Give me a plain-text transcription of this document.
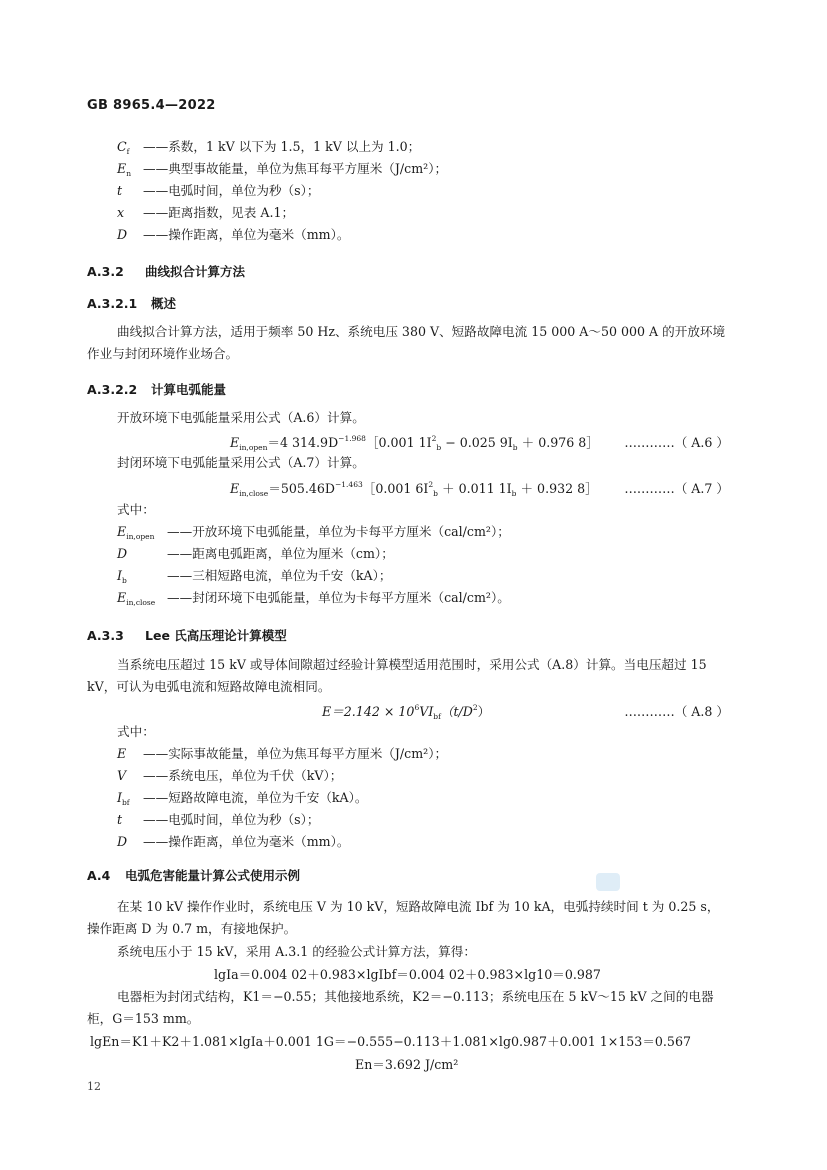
GB 8965.4—2022
$C_f$ ——系数，1 kV 以下为 1.5，1 kV 以上为 1.0；
$E_n$ ——典型事故能量，单位为焦耳每平方厘米（J/cm²）；
t ——电弧时间，单位为秒（s）；
x ——距离指数，见表 A.1；
D ——操作距离，单位为毫米（mm）。
A.3.2 曲线拟合计算方法
A.3.2.1 概述
曲线拟合计算方法，适用于频率 50 Hz、系统电压 380 V、短路故障电流 15 000 A～50 000 A 的开放环境作业与封闭环境作业场合。
A.3.2.2 计算电弧能量
开放环境下电弧能量采用公式（A.6）计算。
$E_{in,open}=4$ $314.9D^{-1.968}[0.001$ $1I^2_b - 0.025$ $9I_b + 0.976$ 8］ …………（ A.6 ）
封闭环境下电弧能量采用公式（A.7）计算。
$E_{in,close}=505.46D^{-1.463}[0.001$ $6I^2_b + 0.011$ $1I_b + 0.932$ 8］ …………（ A.7 ）
式中：
$E_{in,open}$ ——开放环境下电弧能量，单位为卡每平方厘米（cal/cm²）；
D	——距离电弧距离，单位为厘米（cm）；
$I_b$	——三相短路电流，单位为千安（kA）；
$E_{in,close}$ ——封闭环境下电弧能量，单位为卡每平方厘米（cal/cm²）。
A.3.3 Lee 氏高压理论计算模型
当系统电压超过 15 kV 或导体间隙超过经验计算模型适用范围时，采用公式（A.8）计算。当电压超过 15 kV，可认为电弧电流和短路故障电流相同。
$E=2.142 \times 10^6VI_{bf}(t/D^2)$	…………（ A.8 ）
式中：
E ——实际事故能量，单位为焦耳每平方厘米（J/cm²）；
V ——系统电压，单位为千伏（kV）；
$I_{bf}$ ——短路故障电流，单位为千安（kA）。
t ——电弧时间，单位为秒（s）；
D ——操作距离，单位为毫米（mm）。
A.4 电弧危害能量计算公式使用示例
在某 10 kV 操作作业时，系统电压 V 为 10 kV，短路故障电流 Ibf 为 10 kA，电弧持续时间 t 为 0.25 s，操作距离 D 为 0.7 m，有接地保护。
系统电压小于 15 kV，采用 A.3.1 的经验公式计算方法，算得：
lgIa＝0.004 02＋0.983×lgIbf＝0.004 02＋0.983×lg10＝0.987
电器柜为封闭式结构，K1＝−0.55；其他接地系统，K2＝−0.113；系统电压在 5 kV～15 kV 之间的电器柜，G＝153 mm。
lgEn＝K1＋K2＋1.081×lgIa＋0.001 1G＝−0.555−0.113＋1.081×lg0.987＋0.001 1×153＝0.567
En＝3.692 J/cm²
12
